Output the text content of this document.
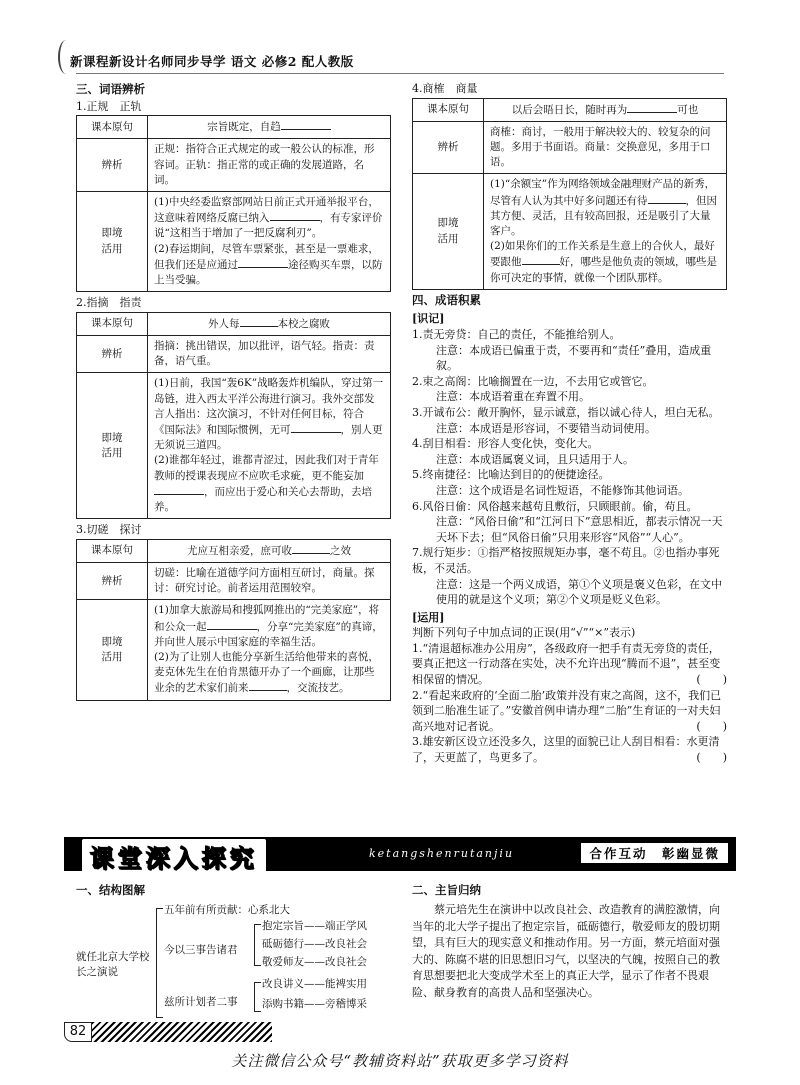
新课程新设计名师同步导学 语文 必修2 配人教版
三、词语辨析
1.正规　正轨
课本原句	宗旨既定，自趋
辨析	正规：指符合正式规定的或一般公认的标准，形容词。正轨：指正常的或正确的发展道路，名词。
即境
活用	(1)中央经委监察部网站日前正式开通举报平台，这意味着网络反腐已纳入 ，有专家评价说“这相当于增加了一把反腐利刃”。
(2)春运期间，尽管车票紧张，甚至是一票难求，但我们还是应通过 途径购买车票，以防上当受骗。
2.指摘　指责
课本原句	外人每 本校之腐败
辨析	指摘：挑出错误，加以批评，语气轻。指责：责备，语气重。
即境
活用	(1)日前，我国“轰6K”战略轰炸机编队，穿过第一岛链，进入西太平洋公海进行演习。我外交部发言人指出：这次演习，不针对任何目标，符合《国际法》和国际惯例，无可 ，别人更无须说三道四。
(2)谁都年轻过，谁都青涩过，因此我们对于青年教师的授课表现应不应吹毛求疵，更不能妄加，而应出于爱心和关心去帮助，去培养。
3.切磋　探讨
课本原句	尤应互相亲爱，庶可收 之效
辨析	切磋：比喻在道德学问方面相互研讨，商量。探讨：研究讨论。前者运用范围较窄。
即境
活用	(1)加拿大旅游局和搜狐网推出的“完美家庭”，将和公众一起 ，分享“完美家庭”的真谛，并向世人展示中国家庭的幸福生活。
(2)为了让别人也能分享新生活给他带来的喜悦，麦克休先生在伯肯黑德开办了一个画廊，让那些业余的艺术家们前来 ，交流技艺。
4.商榷　商量
课本原句	以后会晤日长，随时再为 可也
辨析	商榷：商讨，一般用于解决较大的、较复杂的问题。多用于书面语。商量：交换意见，多用于口语。
即境
活用	(1)“余额宝”作为网络领域金融理财产品的新秀，尽管有人认为其中好多问题还有待 ，但因其方便、灵活，且有较高回报，还是吸引了大量客户。
(2)如果你们的工作关系是生意上的合伙人，最好要跟他 好，哪些是他负责的领域，哪些是你可决定的事情，就像一个团队那样。
四、成语积累
[识记]
1.责无旁贷：自己的责任，不能推给别人。
注意：本成语已偏重于责，不要再和“责任”叠用，造成重叙。
2.束之高阁：比喻搁置在一边，不去用它或管它。
注意：本成语着重在弃置不用。
3.开诚布公：敞开胸怀，显示诚意，指以诚心待人，坦白无私。
注意：本成语是形容词，不要错当动词使用。
4.刮目相看：形容人变化快，变化大。
注意：本成语属褒义词，且只适用于人。
5.终南捷径：比喻达到目的的便捷途径。
注意：这个成语是名词性短语，不能修饰其他词语。
6.风俗日偷：风俗越来越苟且敷衍，只顾眼前。偷，苟且。
注意：“风俗日偷”和“江河日下”意思相近，都表示情况一天天坏下去；但“风俗日偷”只用来形容“风俗”“人心”。
7.规行矩步：①指严格按照规矩办事，毫不苟且。②也指办事死板，不灵活。
注意：这是一个两义成语，第①个义项是褒义色彩，在文中使用的就是这个义项；第②个义项是贬义色彩。
[运用]
判断下列句子中加点词的正误(用“√”“×”表示)
1.“清退超标准办公用房”，各级政府一把手有责无旁贷的责任，要真正把这一行动落在实处，决不允许出现“腾而不退”，甚至变相保留的情况。	(　　)
2.“看起来政府的‘全面二胎’政策并没有束之高阁，这不，我们已领到二胎准生证了。”安徽首例申请办理“二胎”生育证的一对夫妇高兴地对记者说。	(　　)
3.雄安新区设立还没多久，这里的面貌已让人刮目相看：水更清了，天更蓝了，鸟更多了。	(　　)
课堂深入探究	ketangshenrutanjiu	合作互动　彰幽显微
一、结构图解
就任北京大学校长之演说
五年前有所贡献：心系北大
今以三事告诸君
抱定宗旨——端正学风
砥砺德行——改良社会
敬爱师友——改良社会
兹所计划者二事
改良讲义——能裨实用
添购书籍——旁稽博采
二、主旨归纳
蔡元培先生在演讲中以改良社会、改造教育的满腔激情，向当年的北大学子提出了抱定宗旨，砥砺德行，敬爱师友的殷切期望，具有巨大的现实意义和推动作用。另一方面，蔡元培面对强大的、陈腐不堪的旧思想旧习气，以坚决的气魄，按照自己的教育思想要把北大变成学术至上的真正大学，显示了作者不畏艰险、献身教育的高贵人品和坚强决心。
82
关注微信公众号“教辅资料站”获取更多学习资料
